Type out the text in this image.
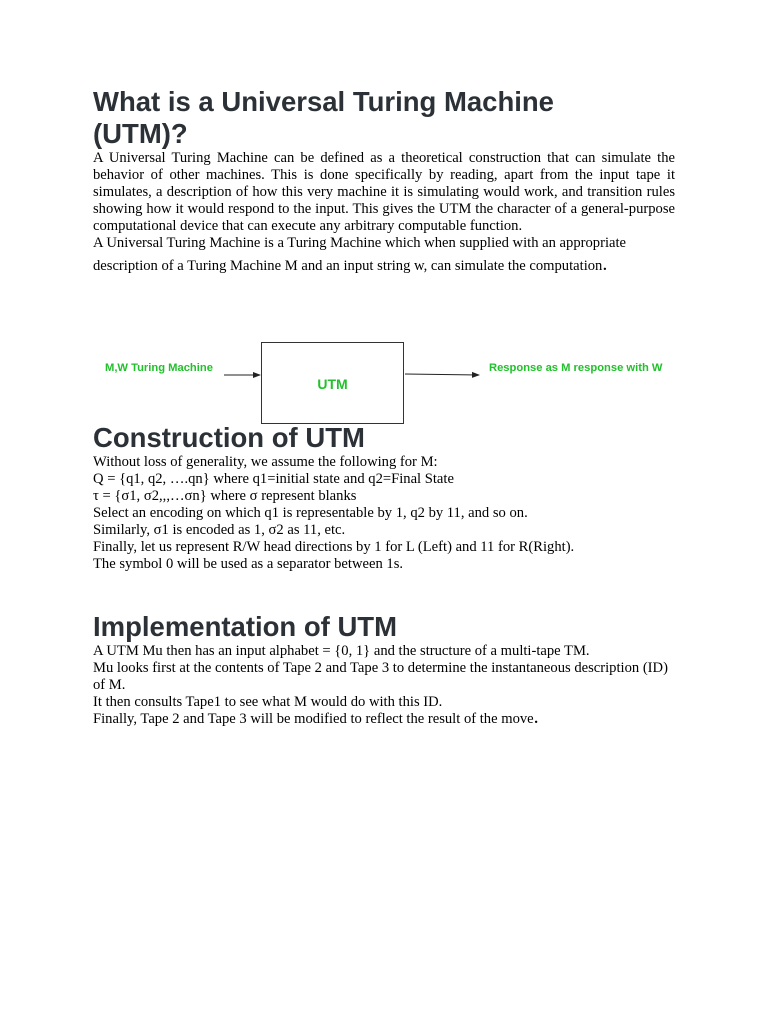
What is a Universal Turing Machine
(UTM)?

A Universal Turing Machine can be defined as a theoretical construction that can simulate the behavior of other machines. This is done specifically by reading, apart from the input tape it simulates, a description of how this very machine it is simulating would work, and transition rules showing how it would respond to the input. This gives the UTM the character of a general-purpose computational device that can execute any arbitrary computable function.

A Universal Turing Machine is a Turing Machine which when supplied with an appropriate

description of a Turing Machine M and an input string w, can simulate the computation.

M,W Turing Machine
UTM
Response as M response with W
Construction of UTM

Without loss of generality, we assume the following for M:

Q = {q1, q2, ….qn} where q1=initial state and q2=Final State

τ = {σ1, σ2,,,…σn} where σ represent blanks

Select an encoding on which q1 is representable by 1, q2 by 11, and so on.

Similarly, σ1 is encoded as 1, σ2 as 11, etc.

Finally, let us represent R/W head directions by 1 for L (Left) and 11 for R(Right).

The symbol 0 will be used as a separator between 1s.

Implementation of UTM

A UTM Mu then has an input alphabet = {0, 1} and the structure of a multi-tape TM.

Mu looks first at the contents of Tape 2 and Tape 3 to determine the instantaneous description (ID) of M.

It then consults Tape1 to see what M would do with this ID.

Finally, Tape 2 and Tape 3 will be modified to reflect the result of the move.
